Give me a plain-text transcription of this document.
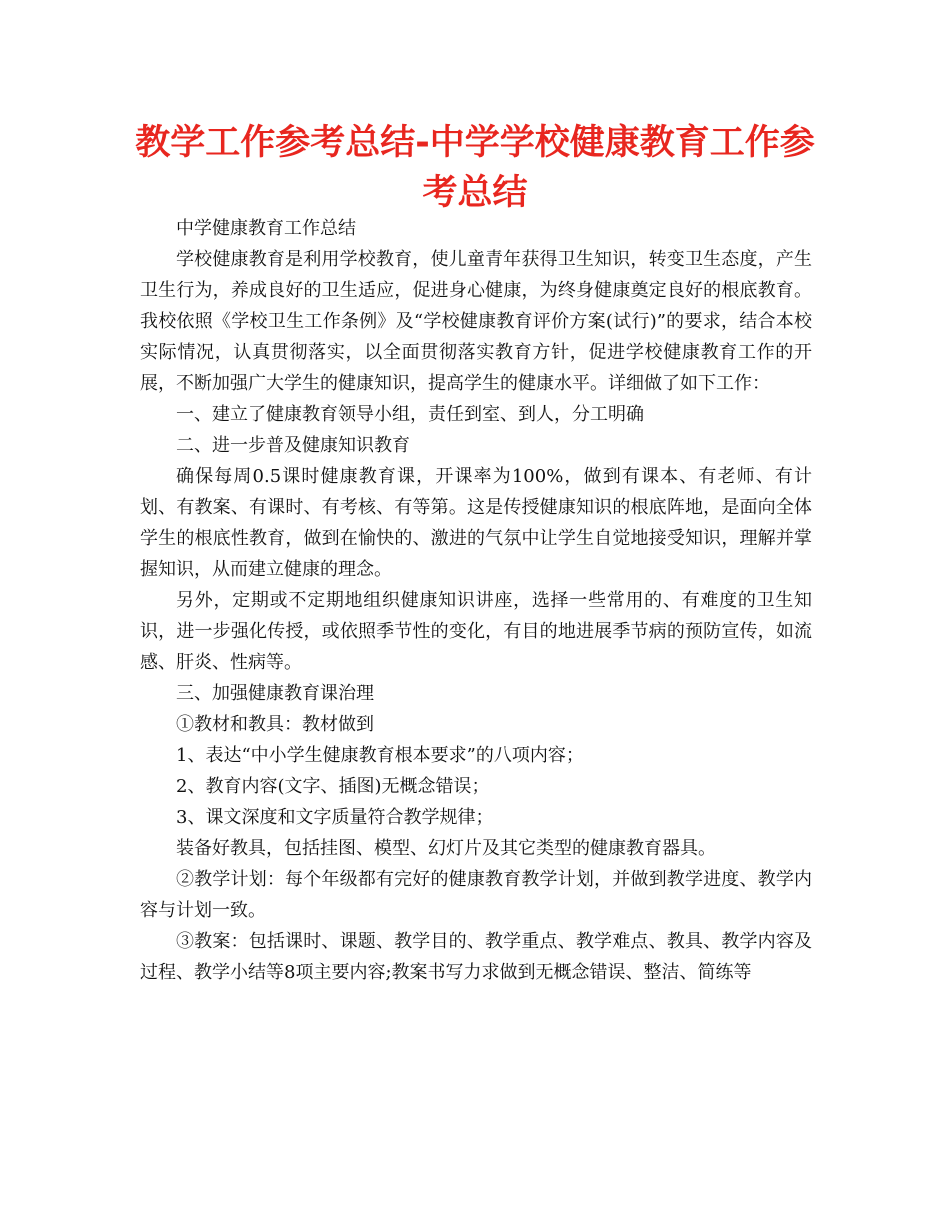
教学工作参考总结-中学学校健康教育工作参考总结

中学健康教育工作总结

学校健康教育是利用学校教育，使儿童青年获得卫生知识，转变卫生态度，产生卫生行为，养成良好的卫生适应，促进身心健康，为终身健康奠定良好的根底教育。我校依照《学校卫生工作条例》及“学校健康教育评价方案(试行)”的要求，结合本校实际情况，认真贯彻落实，以全面贯彻落实教育方针，促进学校健康教育工作的开展，不断加强广大学生的健康知识，提高学生的健康水平。详细做了如下工作：

一、建立了健康教育领导小组，责任到室、到人，分工明确

二、进一步普及健康知识教育

确保每周0.5课时健康教育课，开课率为100%，做到有课本、有老师、有计划、有教案、有课时、有考核、有等第。这是传授健康知识的根底阵地，是面向全体学生的根底性教育，做到在愉快的、激进的气氛中让学生自觉地接受知识，理解并掌握知识，从而建立健康的理念。

另外，定期或不定期地组织健康知识讲座，选择一些常用的、有难度的卫生知识，进一步强化传授，或依照季节性的变化，有目的地进展季节病的预防宣传，如流感、肝炎、性病等。

三、加强健康教育课治理

①教材和教具：教材做到

1、表达“中小学生健康教育根本要求”的八项内容；

2、教育内容(文字、插图)无概念错误；

3、课文深度和文字质量符合教学规律；

装备好教具，包括挂图、模型、幻灯片及其它类型的健康教育器具。

②教学计划：每个年级都有完好的健康教育教学计划，并做到教学进度、教学内容与计划一致。

③教案：包括课时、课题、教学目的、教学重点、教学难点、教具、教学内容及过程、教学小结等8项主要内容;教案书写力求做到无概念错误、整洁、简练等
